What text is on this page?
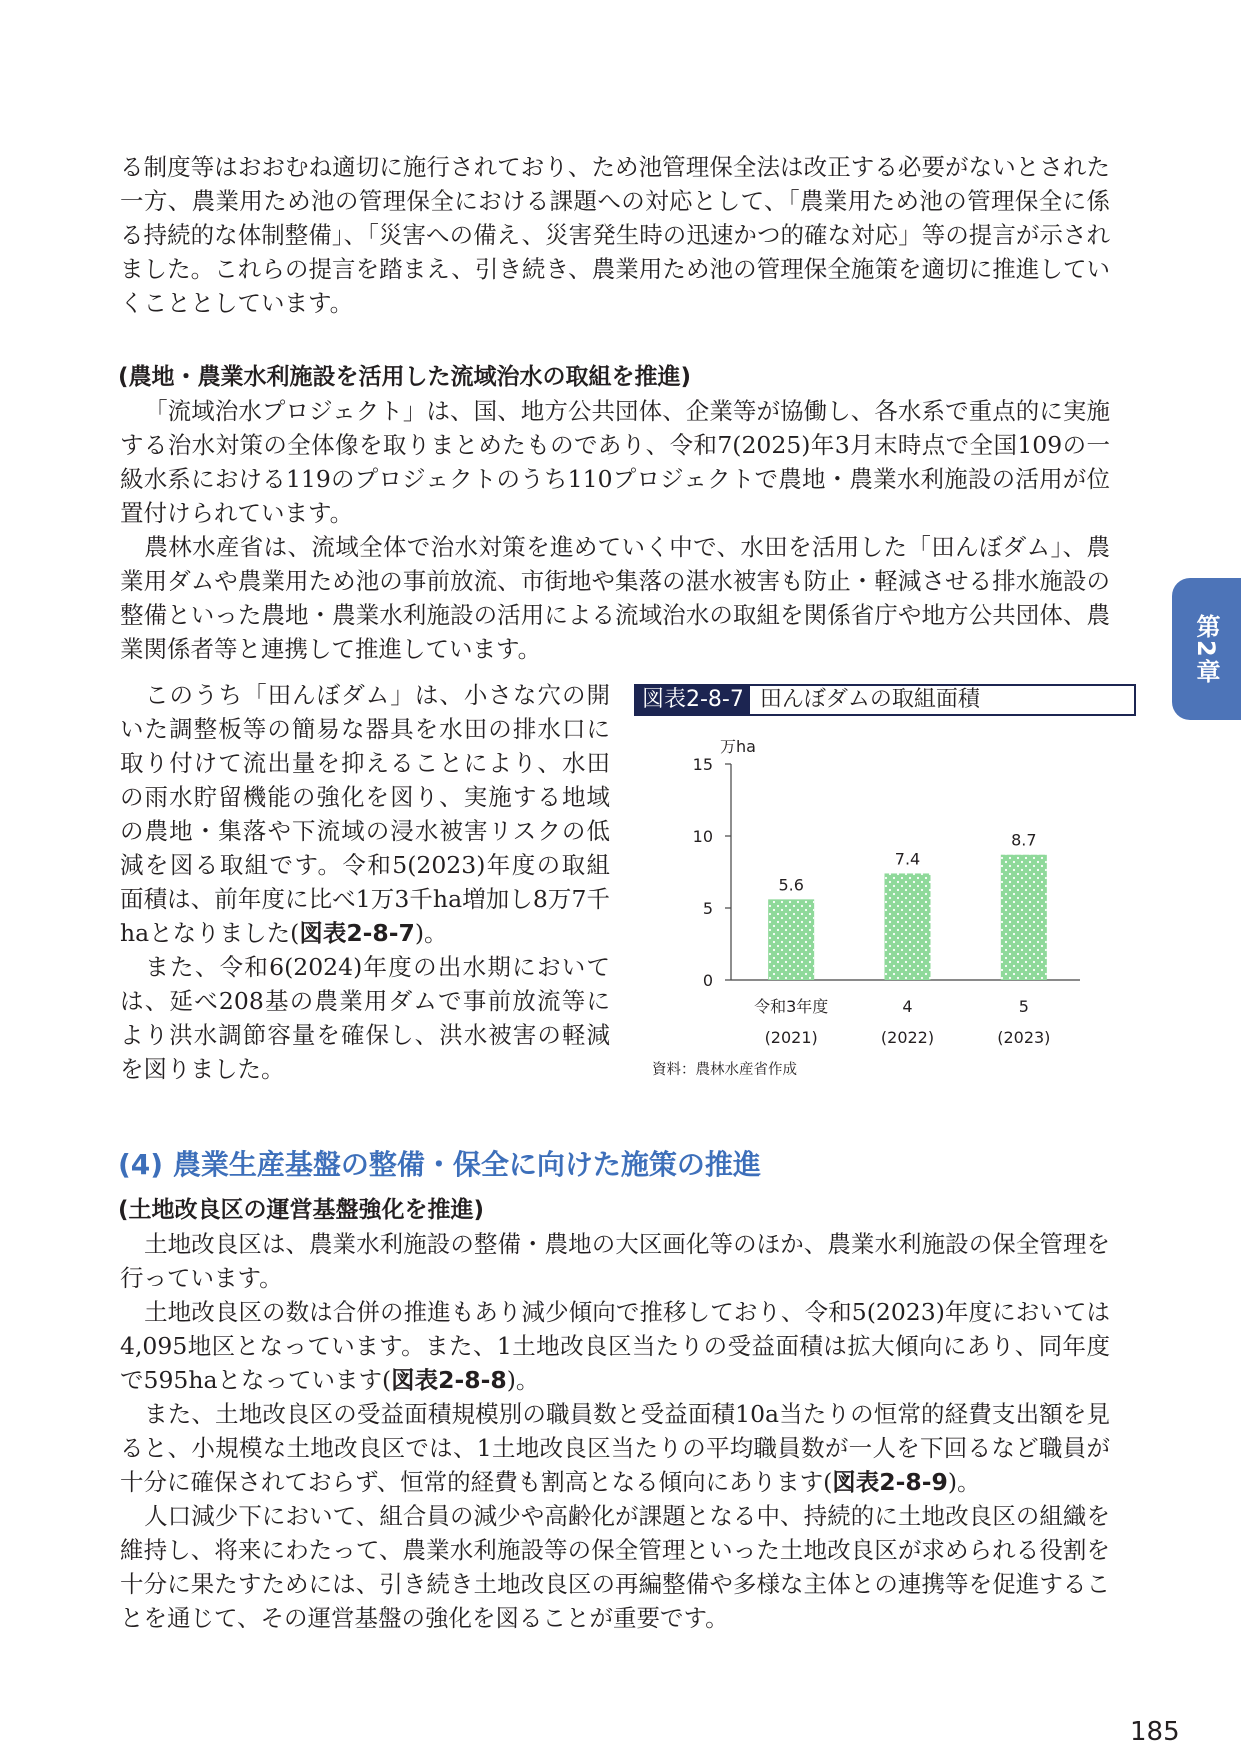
第2章

る制度等はおおむね適切に施行されており、ため池管理保全法は改正する必要がないとされた一方、農業用ため池の管理保全における課題への対応として、「農業用ため池の管理保全に係る持続的な体制整備」、「災害への備え、災害発生時の迅速かつ的確な対応」等の提言が示されました。これらの提言を踏まえ、引き続き、農業用ため池の管理保全施策を適切に推進していくこととしています。

(農地・農業水利施設を活用した流域治水の取組を推進)

「流域治水プロジェクト」は、国、地方公共団体、企業等が協働し、各水系で重点的に実施する治水対策の全体像を取りまとめたものであり、令和7(2025)年3月末時点で全国109の一級水系における119のプロジェクトのうち110プロジェクトで農地・農業水利施設の活用が位置付けられています。

農林水産省は、流域全体で治水対策を進めていく中で、水田を活用した「田んぼダム」、農業用ダムや農業用ため池の事前放流、市街地や集落の湛水被害も防止・軽減させる排水施設の整備といった農地・農業水利施設の活用による流域治水の取組を関係省庁や地方公共団体、農業関係者等と連携して推進しています。

このうち「田んぼダム」は、小さな穴の開いた調整板等の簡易な器具を水田の排水口に取り付けて流出量を抑えることにより、水田の雨水貯留機能の強化を図り、実施する地域の農地・集落や下流域の浸水被害リスクの低減を図る取組です。令和5(2023)年度の取組面積は、前年度に比べ1万3千ha増加し8万7千haとなりました(図表2-8-7)。

また、令和6(2024)年度の出水期においては、延べ208基の農業用ダムで事前放流等により洪水調節容量を確保し、洪水被害の軽減を図りました。

図表2-8-7 田んぼダムの取組面積
万ha
0
5
10
15
5.6
7.4
8.7
令和3年度
(2021)
4
(2022)
5
(2023)
資料：農林水産省作成
(4) 農業生産基盤の整備・保全に向けた施策の推進
(土地改良区の運営基盤強化を推進)

土地改良区は、農業水利施設の整備・農地の大区画化等のほか、農業水利施設の保全管理を行っています。

土地改良区の数は合併の推進もあり減少傾向で推移しており、令和5(2023)年度においては4,095地区となっています。また、1土地改良区当たりの受益面積は拡大傾向にあり、同年度で595haとなっています(図表2-8-8)。

また、土地改良区の受益面積規模別の職員数と受益面積10a当たりの恒常的経費支出額を見ると、小規模な土地改良区では、1土地改良区当たりの平均職員数が一人を下回るなど職員が十分に確保されておらず、恒常的経費も割高となる傾向にあります(図表2-8-9)。

人口減少下において、組合員の減少や高齢化が課題となる中、持続的に土地改良区の組織を維持し、将来にわたって、農業水利施設等の保全管理といった土地改良区が求められる役割を十分に果たすためには、引き続き土地改良区の再編整備や多様な主体との連携等を促進することを通じて、その運営基盤の強化を図ることが重要です。

185
